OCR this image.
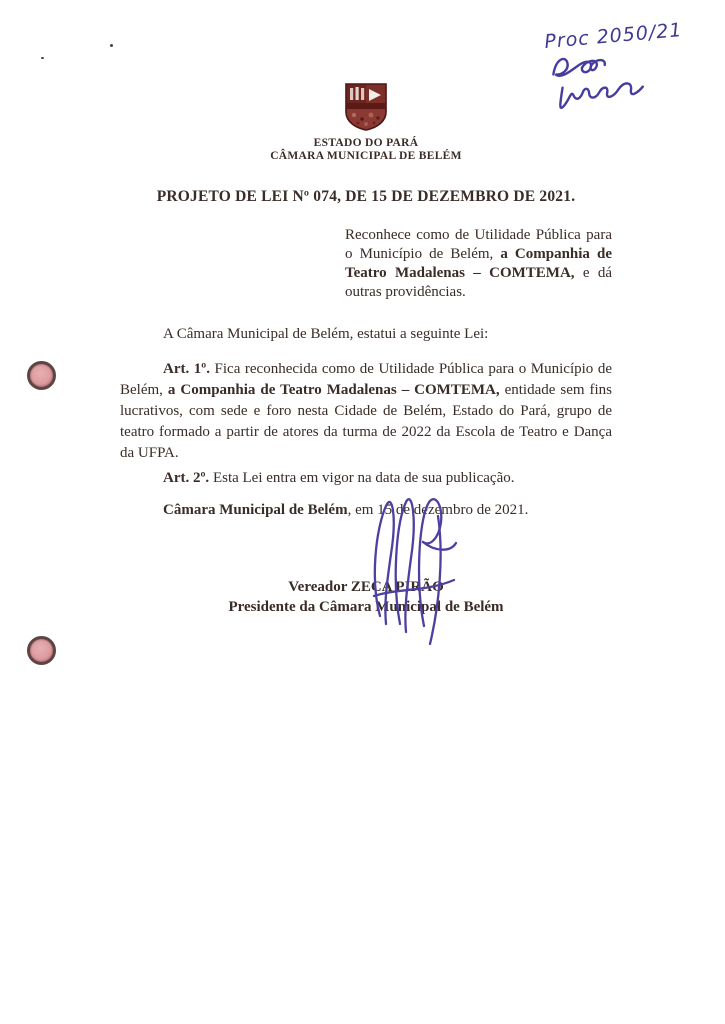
Proc 2050/21
ESTADO DO PARÁ
CÂMARA MUNICIPAL DE BELÉM

PROJETO DE LEI Nº 074, DE 15 DE DEZEMBRO DE 2021.

Reconhece como de Utilidade Pública para o Município de Belém, a Companhia de Teatro Madalenas – COMTEMA, e dá outras providências.

A Câmara Municipal de Belém, estatui a seguinte Lei:

Art. 1º. Fica reconhecida como de Utilidade Pública para o Município de Belém, a Companhia de Teatro Madalenas – COMTEMA, entidade sem fins lucrativos, com sede e foro nesta Cidade de Belém, Estado do Pará, grupo de teatro formado a partir de atores da turma de 2022 da Escola de Teatro e Dança da UFPA.

Art. 2º. Esta Lei entra em vigor na data de sua publicação.

Câmara Municipal de Belém, em 15 de dezembro de 2021.

Vereador ZECA PIRÃO
Presidente da Câmara Municipal de Belém
